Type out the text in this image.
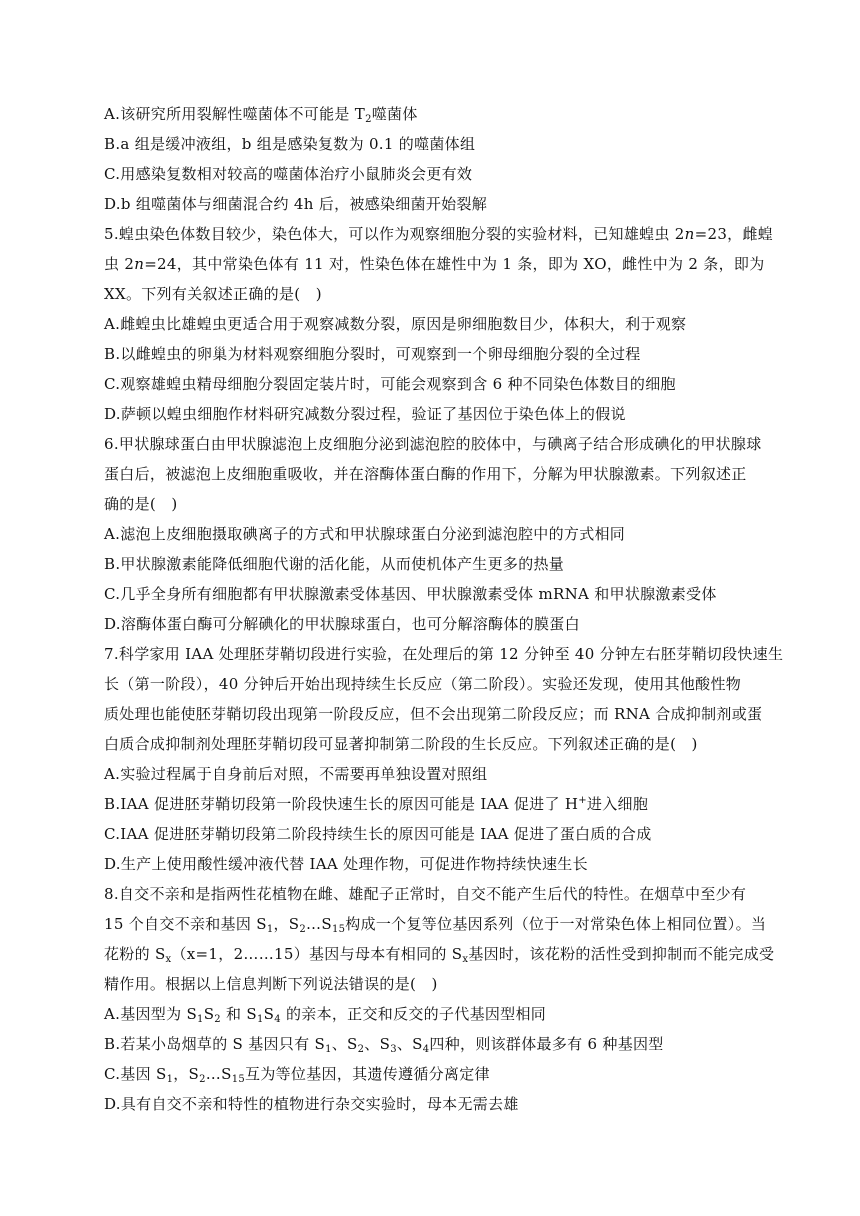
A.该研究所用裂解性噬菌体不可能是 $T_2$噬菌体
B.a 组是缓冲液组，b 组是感染复数为 0.1 的噬菌体组
C.用感染复数相对较高的噬菌体治疗小鼠肺炎会更有效
D.b 组噬菌体与细菌混合约 4h 后，被感染细菌开始裂解
5.蝗虫染色体数目较少，染色体大，可以作为观察细胞分裂的实验材料，已知雄蝗虫 2n=23，雌蝗
虫 2n=24，其中常染色体有 11 对，性染色体在雄性中为 1 条，即为 XO，雌性中为 2 条，即为
XX。下列有关叙述正确的是(　)
A.雌蝗虫比雄蝗虫更适合用于观察减数分裂，原因是卵细胞数目少，体积大，利于观察
B.以雌蝗虫的卵巢为材料观察细胞分裂时，可观察到一个卵母细胞分裂的全过程
C.观察雄蝗虫精母细胞分裂固定装片时，可能会观察到含 6 种不同染色体数目的细胞
D.萨顿以蝗虫细胞作材料研究减数分裂过程，验证了基因位于染色体上的假说
6.甲状腺球蛋白由甲状腺滤泡上皮细胞分泌到滤泡腔的胶体中，与碘离子结合形成碘化的甲状腺球
蛋白后，被滤泡上皮细胞重吸收，并在溶酶体蛋白酶的作用下，分解为甲状腺激素。下列叙述正
确的是(　)
A.滤泡上皮细胞摄取碘离子的方式和甲状腺球蛋白分泌到滤泡腔中的方式相同
B.甲状腺激素能降低细胞代谢的活化能，从而使机体产生更多的热量
C.几乎全身所有细胞都有甲状腺激素受体基因、甲状腺激素受体 mRNA 和甲状腺激素受体
D.溶酶体蛋白酶可分解碘化的甲状腺球蛋白，也可分解溶酶体的膜蛋白
7.科学家用 IAA 处理胚芽鞘切段进行实验，在处理后的第 12 分钟至 40 分钟左右胚芽鞘切段快速生
长（第一阶段），40 分钟后开始出现持续生长反应（第二阶段）。实验还发现，使用其他酸性物
质处理也能使胚芽鞘切段出现第一阶段反应，但不会出现第二阶段反应；而 RNA 合成抑制剂或蛋
白质合成抑制剂处理胚芽鞘切段可显著抑制第二阶段的生长反应。下列叙述正确的是(　)
A.实验过程属于自身前后对照，不需要再单独设置对照组
B.IAA 促进胚芽鞘切段第一阶段快速生长的原因可能是 IAA 促进了 H+进入细胞
C.IAA 促进胚芽鞘切段第二阶段持续生长的原因可能是 IAA 促进了蛋白质的合成
D.生产上使用酸性缓冲液代替 IAA 处理作物，可促进作物持续快速生长
8.自交不亲和是指两性花植物在雌、雄配子正常时，自交不能产生后代的特性。在烟草中至少有
15 个自交不亲和基因 $S_1$，$S_2\dots S_{15}$构成一个复等位基因系列（位于一对常染色体上相同位置）。当
花粉的 $S_x(x=1$，2……15）基因与母本有相同的 $S_x$基因时，该花粉的活性受到抑制而不能完成受
精作用。根据以上信息判断下列说法错误的是(　)
A.基因型为 $S_1S_2$ 和 $S_1S_4$ 的亲本，正交和反交的子代基因型相同
B.若某小岛烟草的 S 基因只有 $S_1$、$S_2$、$S_3$、$S_4$四种，则该群体最多有 6 种基因型
C.基因 $S_1$，$S_2\dots S_{15}$互为等位基因，其遗传遵循分离定律
D.具有自交不亲和特性的植物进行杂交实验时，母本无需去雄
